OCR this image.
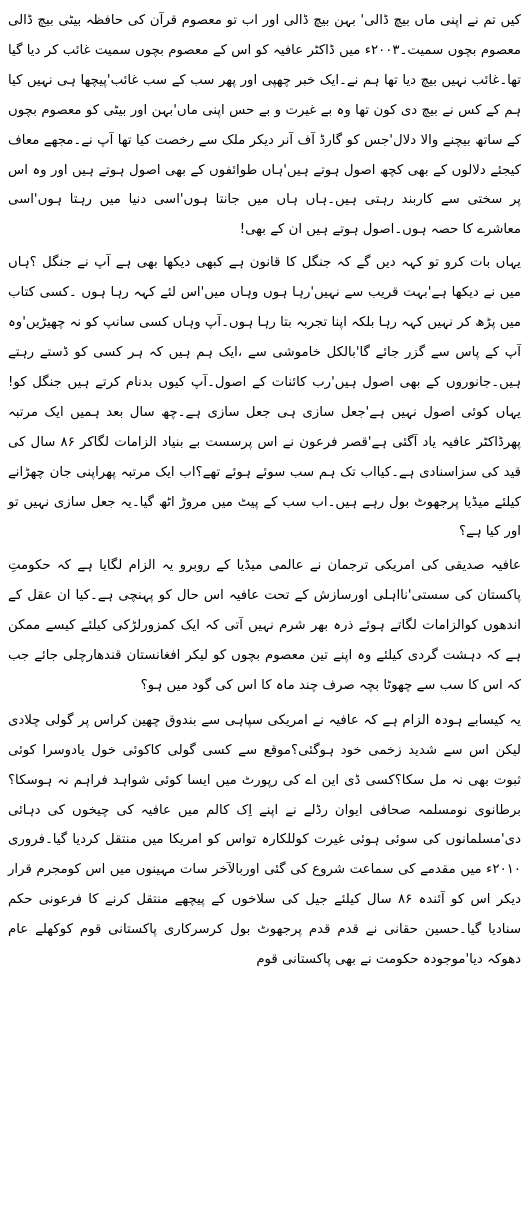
کیں تم نے اپنی ماں بیچ ڈالی' بہن بیچ ڈالی اور اب تو معصوم قرآن کی حافظہ بیٹی بیچ ڈالی معصوم بچوں سمیت۔۲۰۰۳ء میں ڈاکٹر عافیہ کو اس کے معصوم بچوں سمیت غائب کر دیا گیا تھا۔غائب نہیں بیچ دیا تھا ہم نے۔ایک خبر چھپی اور پھر سب کے سب غائب'پیچھا ہی نہیں کیا ہم کے کس نے بیچ دی کون تھا وہ بے غیرت و بے حس اپنی ماں'بہن اور بیٹی کو معصوم بچوں کے ساتھ بیچنے والا دلال'جس کو گارڈ آف آنر دیکر ملک سے رخصت کیا تھا آپ نے۔مجھے معاف کیجئے دلالوں کے بھی کچھ اصول ہوتے ہیں'ہاں طوائفوں کے بھی اصول ہوتے ہیں اور وہ اس پر سختی سے کاربند رہتی ہیں۔ہاں ہاں میں جانتا ہوں'اسی دنیا میں رہتا ہوں'اسی معاشرے کا حصہ ہوں۔اصول ہوتے ہیں ان کے بھی!

یہاں بات کرو تو کہہ دیں گے کہ جنگل کا قانون ہے کبھی دیکھا بھی ہے آپ نے جنگل ؟ہاں میں نے دیکھا ہے'بہت قریب سے نہیں'رہا ہوں وہاں میں'اس لئے کہہ رہا ہوں ۔کسی کتاب میں پڑھ کر نہیں کہہ رہا بلکہ اپنا تجربہ بتا رہا ہوں۔آپ وہاں کسی سانپ کو نہ چھیڑیں'وہ آپ کے پاس سے گزر جائے گا'بالکل خاموشی سے ،ایک ہم ہیں کہ ہر کسی کو ڈستے رہتے ہیں۔جانوروں کے بھی اصول ہیں'رب کائنات کے اصول۔آپ کیوں بدنام کرتے ہیں جنگل کو!یہاں کوئی اصول نہیں ہے'جعل سازی ہی جعل سازی ہے۔چھ سال بعد ہمیں ایک مرتبہ پھرڈاکٹر عافیہ یاد آگئی ہے'قصر فرعون نے اس پرسست بے بنیاد الزامات لگاکر ۸۶ سال کی قید کی سزاسنادی ہے۔کیااب تک ہم سب سوئے ہوئے تھے؟اب ایک مرتبہ پھراپنی جان چھڑانے کیلئے میڈیا پرجھوٹ بول رہے ہیں۔اب سب کے پیٹ میں مروڑ اٹھ گیا۔یہ جعل سازی نہیں تو اور کیا ہے؟

عافیہ صدیقی کی امریکی ترجمان نے عالمی میڈیا کے روبرو یہ الزام لگایا ہے کہ حکومتِ پاکستان کی سستی'نااہلی اورسازش کے تحت عافیہ اس حال کو پہنچی ہے۔کیا ان عقل کے اندھوں کوالزامات لگاتے ہوئے ذرہ بھر شرم نہیں آتی کہ ایک کمزورلڑکی کیلئے کیسے ممکن ہے کہ دہشت گردی کیلئے وہ اپنے تین معصوم بچوں کو لیکر افغانستان قندھارچلی جائے جب کہ اس کا سب سے چھوٹا بچہ صرف چند ماہ کا اس کی گود میں ہو؟

یہ کیسابے ہودہ الزام ہے کہ عافیہ نے امریکی سپاہی سے بندوق چھین کراس پر گولی چلادی لیکن اس سے شدید زخمی خود ہوگئی؟موقع سے کسی گولی کاکوئی خول یادوسرا کوئی ثبوت بھی نہ مل سکا؟کسی ڈی این اے کی رپورٹ میں ایسا کوئی شواہد فراہم نہ ہوسکا؟برطانوی نومسلمہ صحافی ایوان رڈلے نے اپنے اِک کالم میں عافیہ کی چیخوں کی دہائی دی'مسلمانوں کی سوئی ہوئی غیرت کوللکارہ تواس کو امریکا میں منتقل کردیا گیا۔فروری ۲۰۱۰ء میں مقدمے کی سماعت شروع کی گئی اوربالآخر سات مہینوں میں اس کومجرم قرار دیکر اس کو آئندہ ۸۶ سال کیلئے جیل کی سلاخوں کے پیچھے منتقل کرنے کا فرعونی حکم سنادیا گیا۔حسین حقانی نے قدم قدم پرجھوٹ بول کرسرکاری پاکستانی قوم کوکھلے عام دھوکہ دیا'موجودہ حکومت نے بھی پاکستانی قوم
